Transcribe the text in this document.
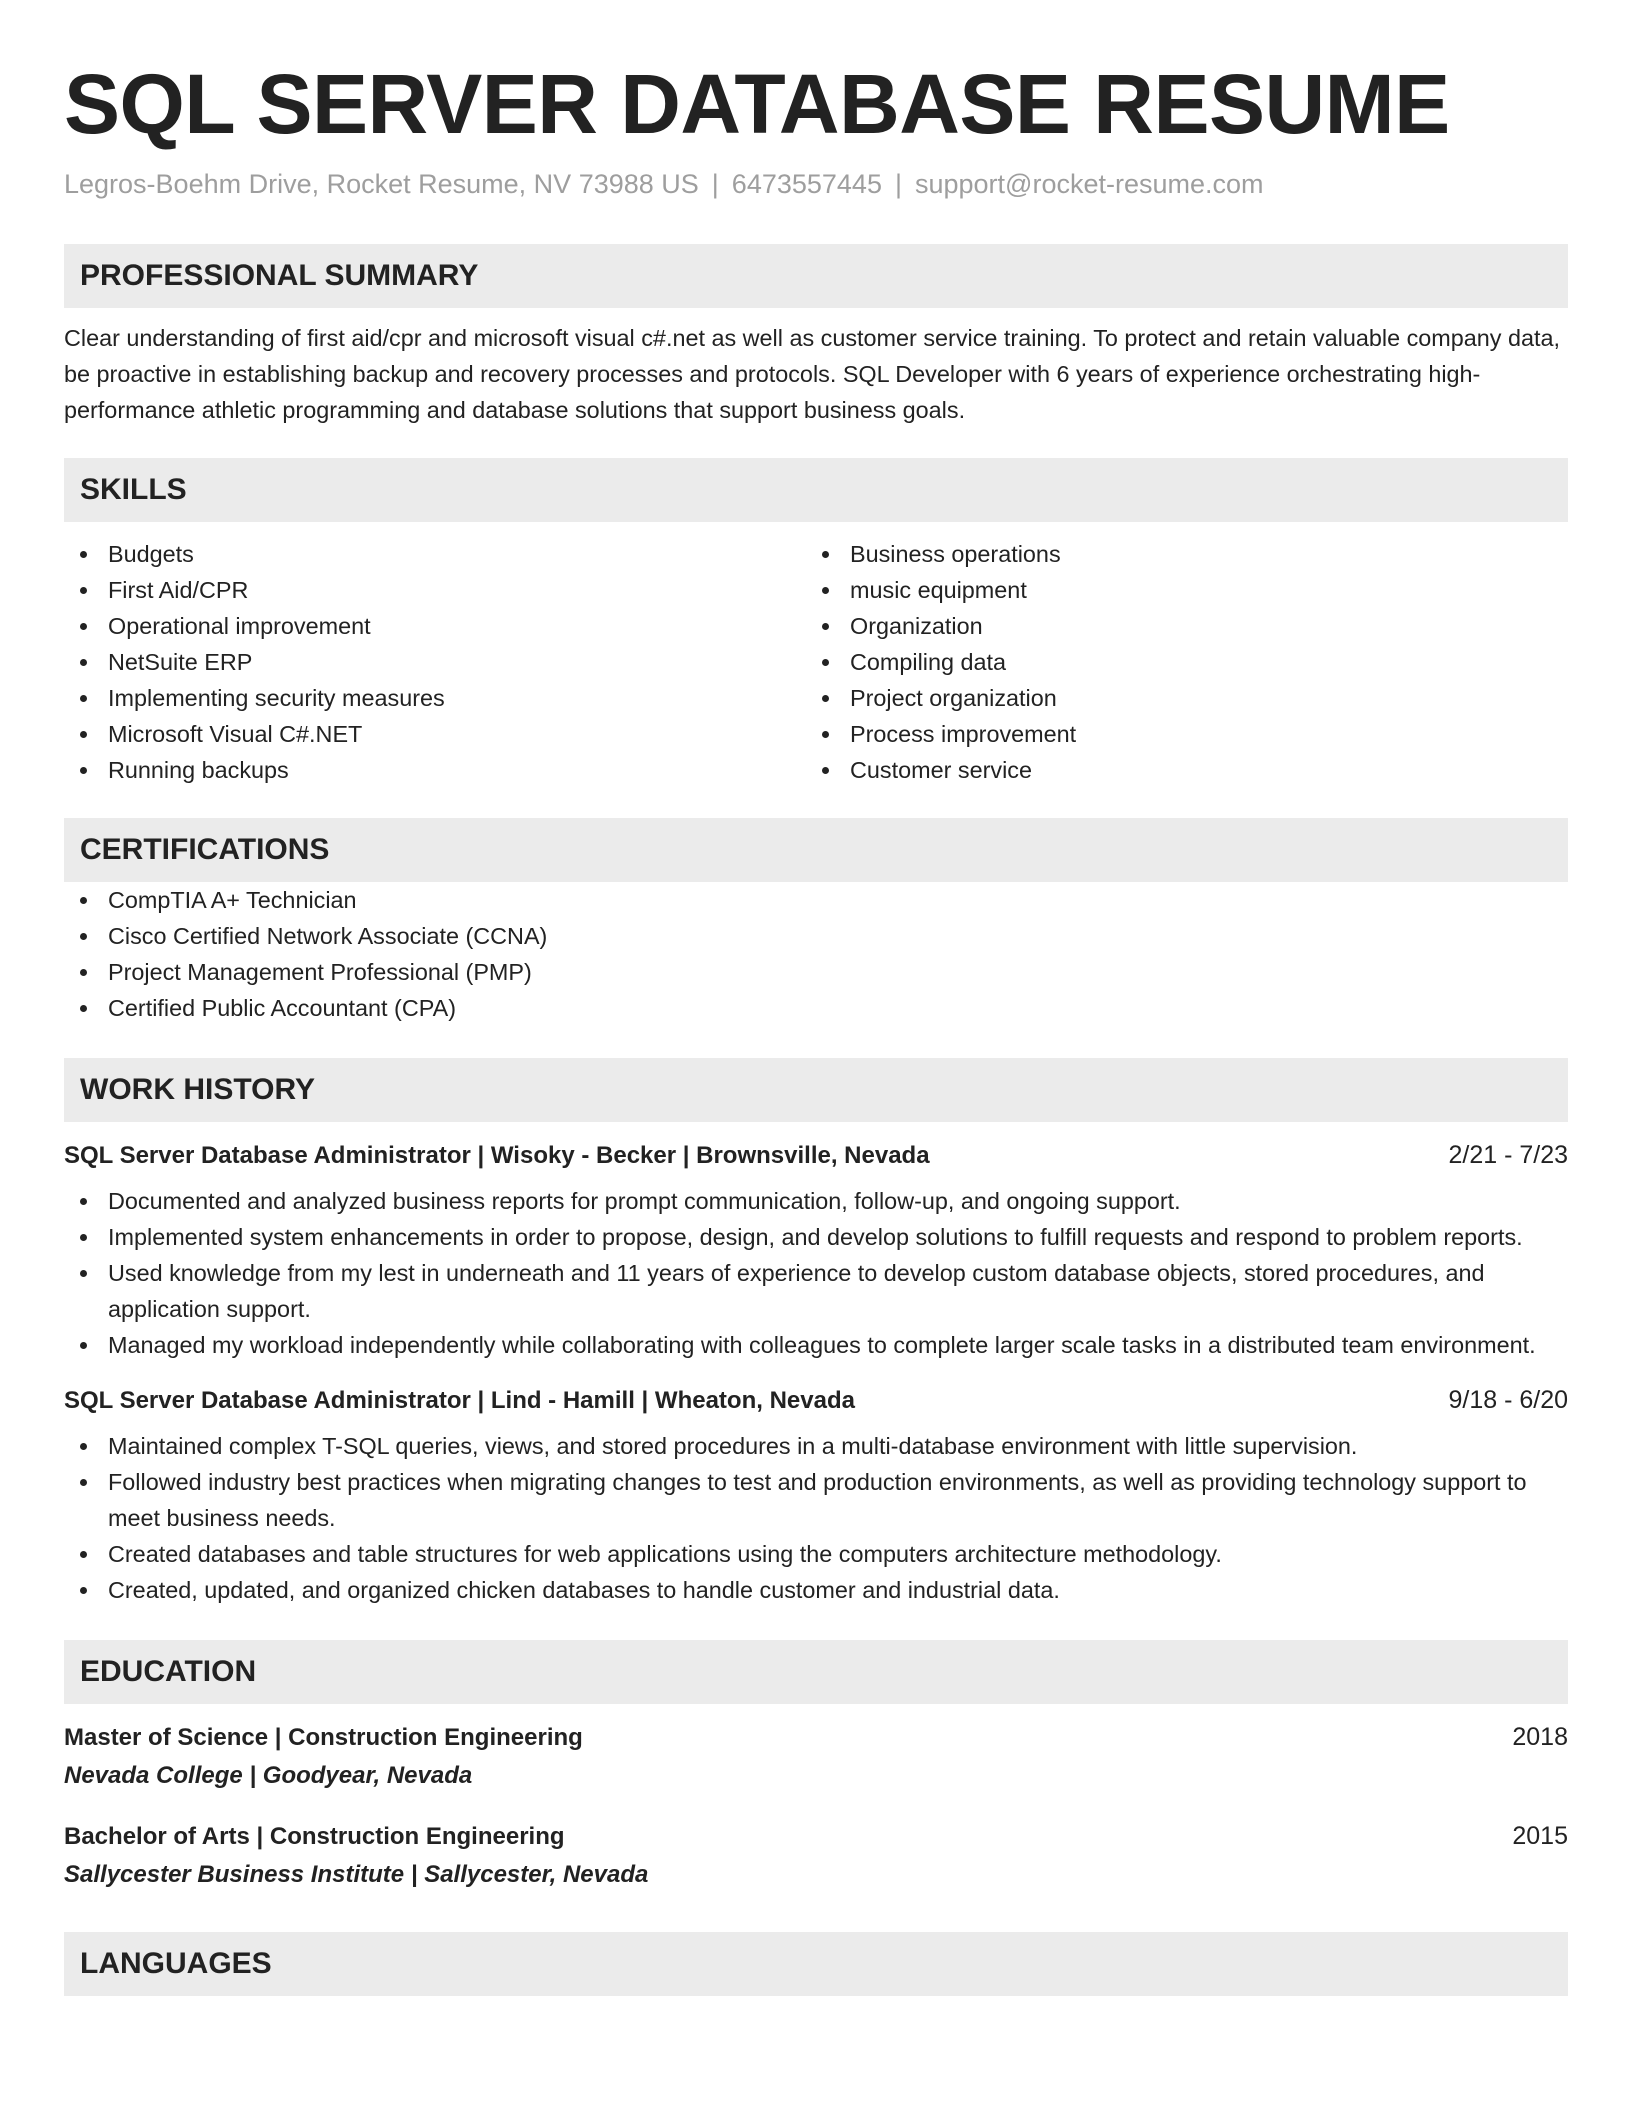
SQL SERVER DATABASE RESUME
Legros-Boehm Drive, Rocket Resume, NV 73988 US | 6473557445 | support@rocket-resume.com
PROFESSIONAL SUMMARY
Clear understanding of first aid/cpr and microsoft visual c#.net as well as customer service training. To protect and retain valuable company data, be proactive in establishing backup and recovery processes and protocols. SQL Developer with 6 years of experience orchestrating high-performance athletic programming and database solutions that support business goals.
SKILLS
Budgets
First Aid/CPR
Operational improvement
NetSuite ERP
Implementing security measures
Microsoft Visual C#.NET
Running backups
Business operations
music equipment
Organization
Compiling data
Project organization
Process improvement
Customer service
CERTIFICATIONS
CompTIA A+ Technician
Cisco Certified Network Associate (CCNA)
Project Management Professional (PMP)
Certified Public Accountant (CPA)
WORK HISTORY
SQL Server Database Administrator | Wisoky - Becker | Brownsville, Nevada	2/21 - 7/23
Documented and analyzed business reports for prompt communication, follow-up, and ongoing support.
Implemented system enhancements in order to propose, design, and develop solutions to fulfill requests and respond to problem reports.
Used knowledge from my lest in underneath and 11 years of experience to develop custom database objects, stored procedures, and application support.
Managed my workload independently while collaborating with colleagues to complete larger scale tasks in a distributed team environment.
SQL Server Database Administrator | Lind - Hamill | Wheaton, Nevada	9/18 - 6/20
Maintained complex T-SQL queries, views, and stored procedures in a multi-database environment with little supervision.
Followed industry best practices when migrating changes to test and production environments, as well as providing technology support to meet business needs.
Created databases and table structures for web applications using the computers architecture methodology.
Created, updated, and organized chicken databases to handle customer and industrial data.
EDUCATION
Master of Science | Construction Engineering	2018
Nevada College | Goodyear, Nevada
Bachelor of Arts | Construction Engineering	2015
Sallycester Business Institute | Sallycester, Nevada
LANGUAGES
